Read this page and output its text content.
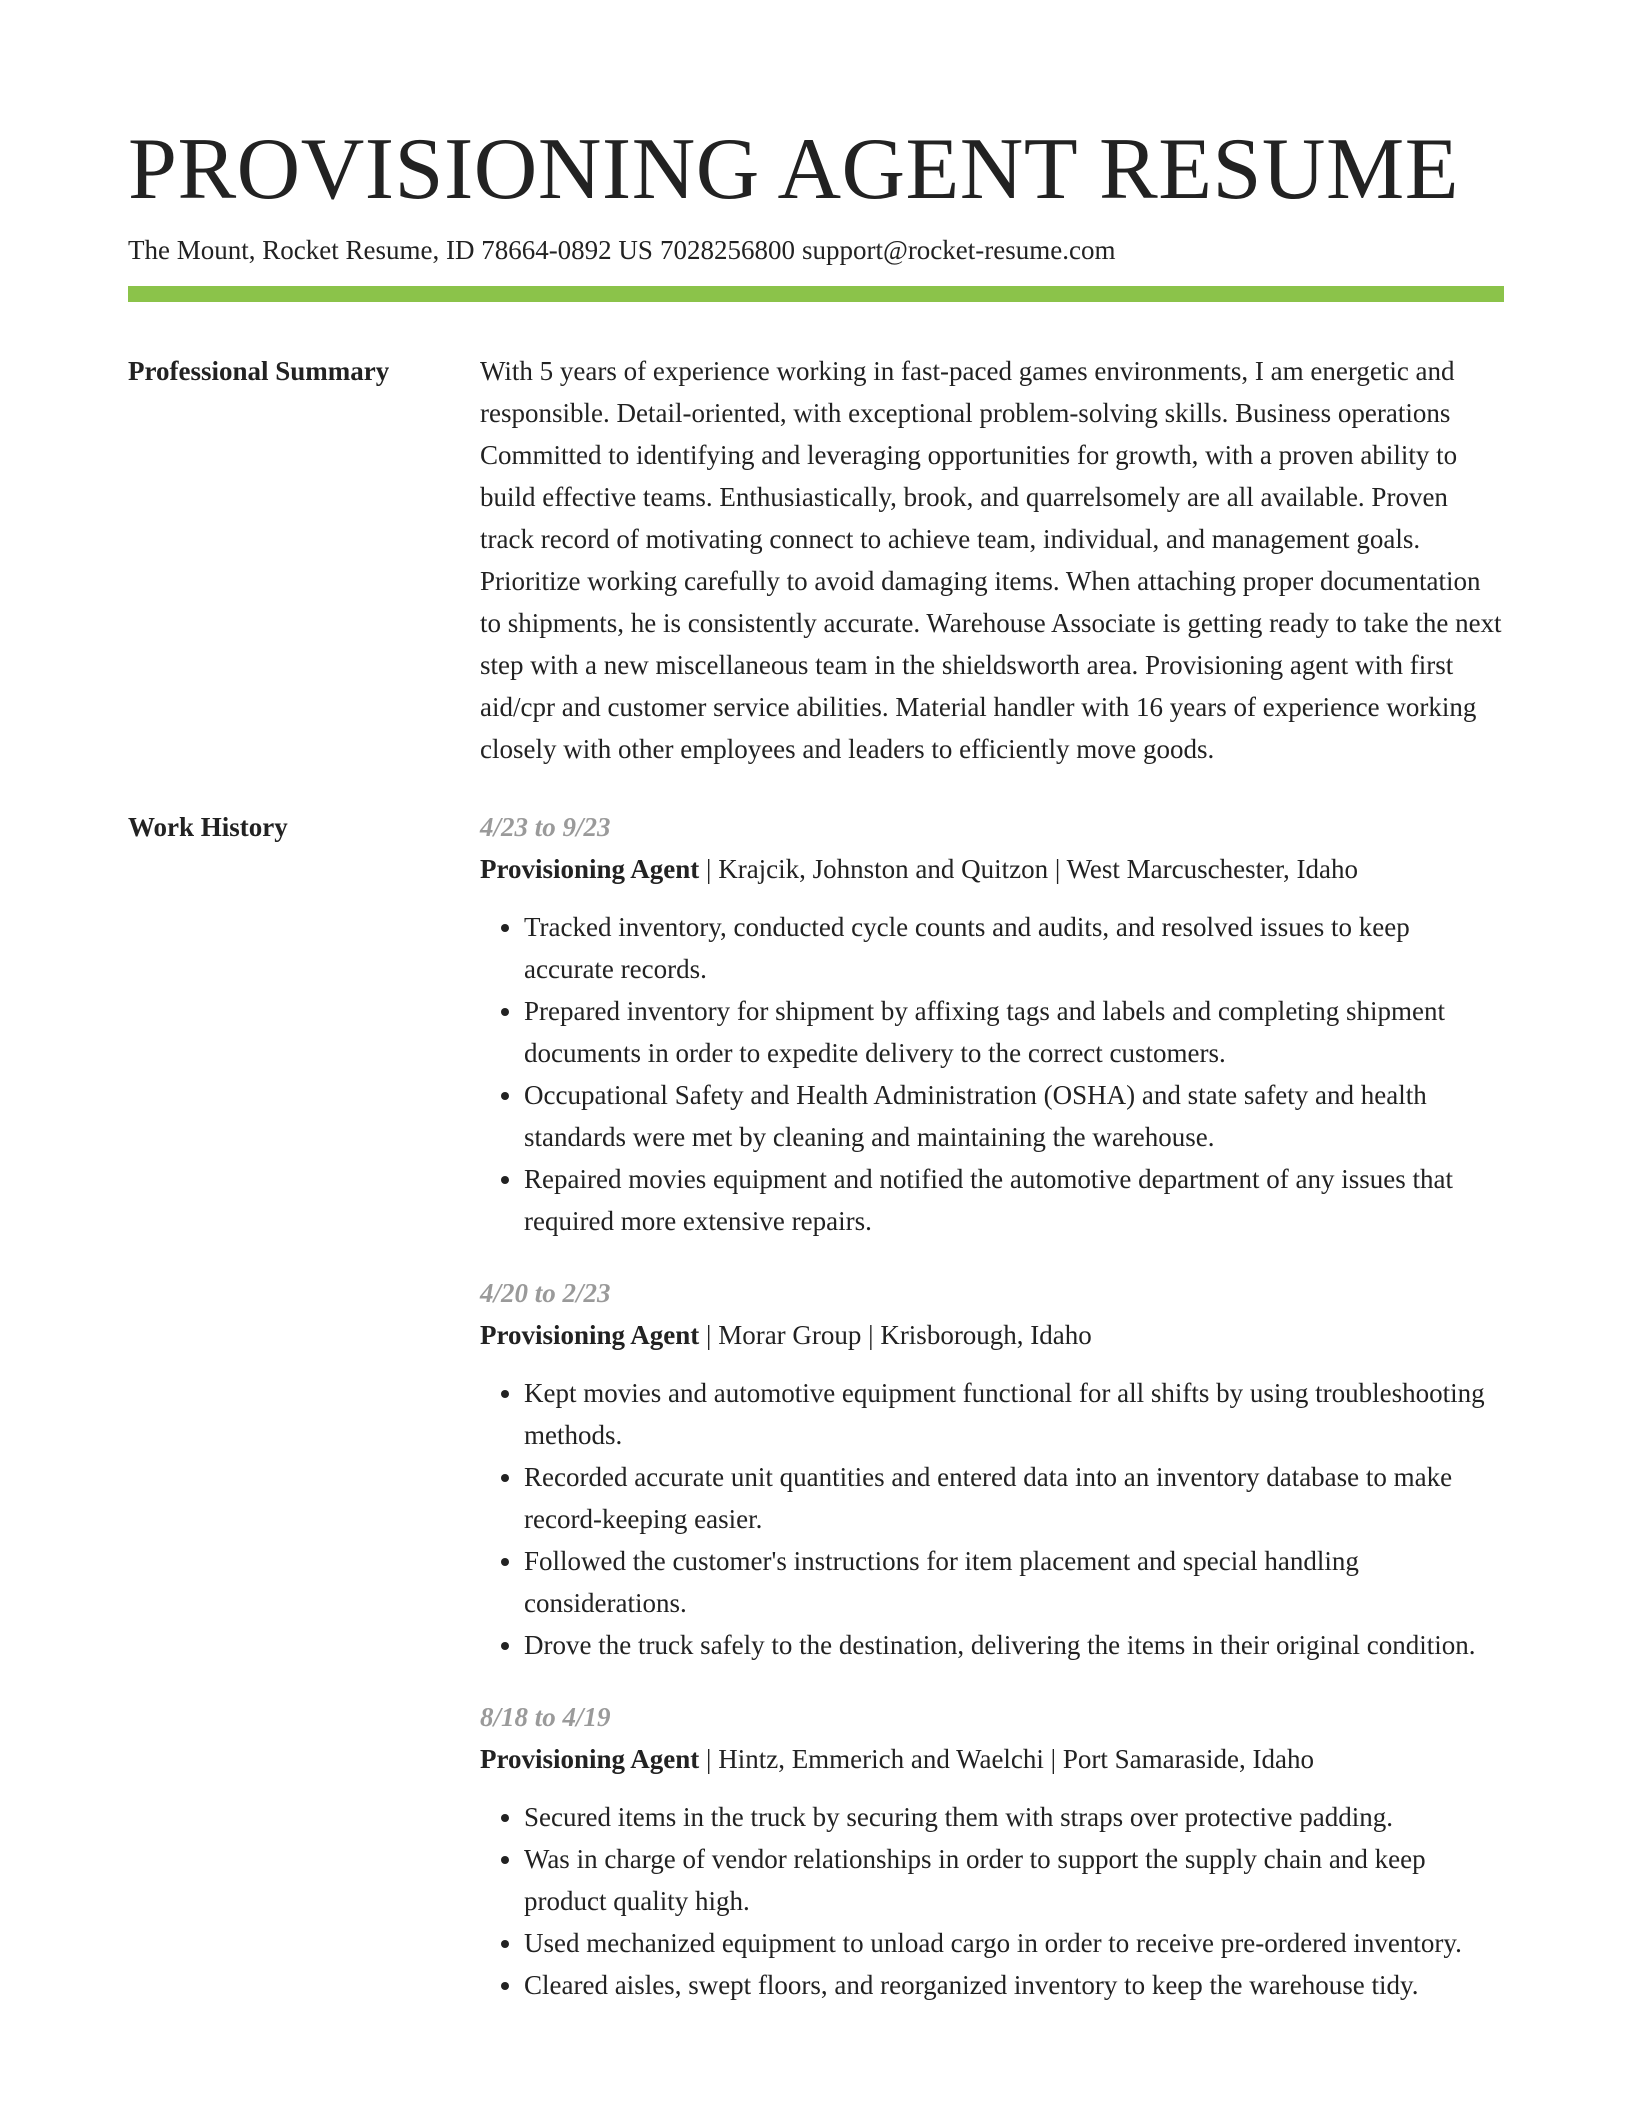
PROVISIONING AGENT RESUME
The Mount, Rocket Resume, ID 78664-0892 US 7028256800 support@rocket-resume.com
Professional Summary	With 5 years of experience working in fast-paced games environments, I am energetic and responsible. Detail-oriented, with exceptional problem-solving skills. Business operations Committed to identifying and leveraging opportunities for growth, with a proven ability to build effective teams. Enthusiastically, brook, and quarrelsomely are all available. Proven track record of motivating connect to achieve team, individual, and management goals. Prioritize working carefully to avoid damaging items. When attaching proper documentation to shipments, he is consistently accurate. Warehouse Associate is getting ready to take the next step with a new miscellaneous team in the shieldsworth area. Provisioning agent with first aid/cpr and customer service abilities. Material handler with 16 years of experience working closely with other employees and leaders to efficiently move goods.

Work History	4/23 to 9/23
Provisioning Agent | Krajcik, Johnston and Quitzon | West Marcuschester, Idaho
• Tracked inventory, conducted cycle counts and audits, and resolved issues to keep accurate records.
• Prepared inventory for shipment by affixing tags and labels and completing shipment documents in order to expedite delivery to the correct customers.
• Occupational Safety and Health Administration (OSHA) and state safety and health standards were met by cleaning and maintaining the warehouse.
• Repaired movies equipment and notified the automotive department of any issues that required more extensive repairs.
4/20 to 2/23
Provisioning Agent | Morar Group | Krisborough, Idaho
• Kept movies and automotive equipment functional for all shifts by using troubleshooting methods.
• Recorded accurate unit quantities and entered data into an inventory database to make record-keeping easier.
• Followed the customer's instructions for item placement and special handling considerations.
• Drove the truck safely to the destination, delivering the items in their original condition.
8/18 to 4/19
Provisioning Agent | Hintz, Emmerich and Waelchi | Port Samaraside, Idaho
• Secured items in the truck by securing them with straps over protective padding.
• Was in charge of vendor relationships in order to support the supply chain and keep product quality high.
• Used mechanized equipment to unload cargo in order to receive pre-ordered inventory.
• Cleared aisles, swept floors, and reorganized inventory to keep the warehouse tidy.
